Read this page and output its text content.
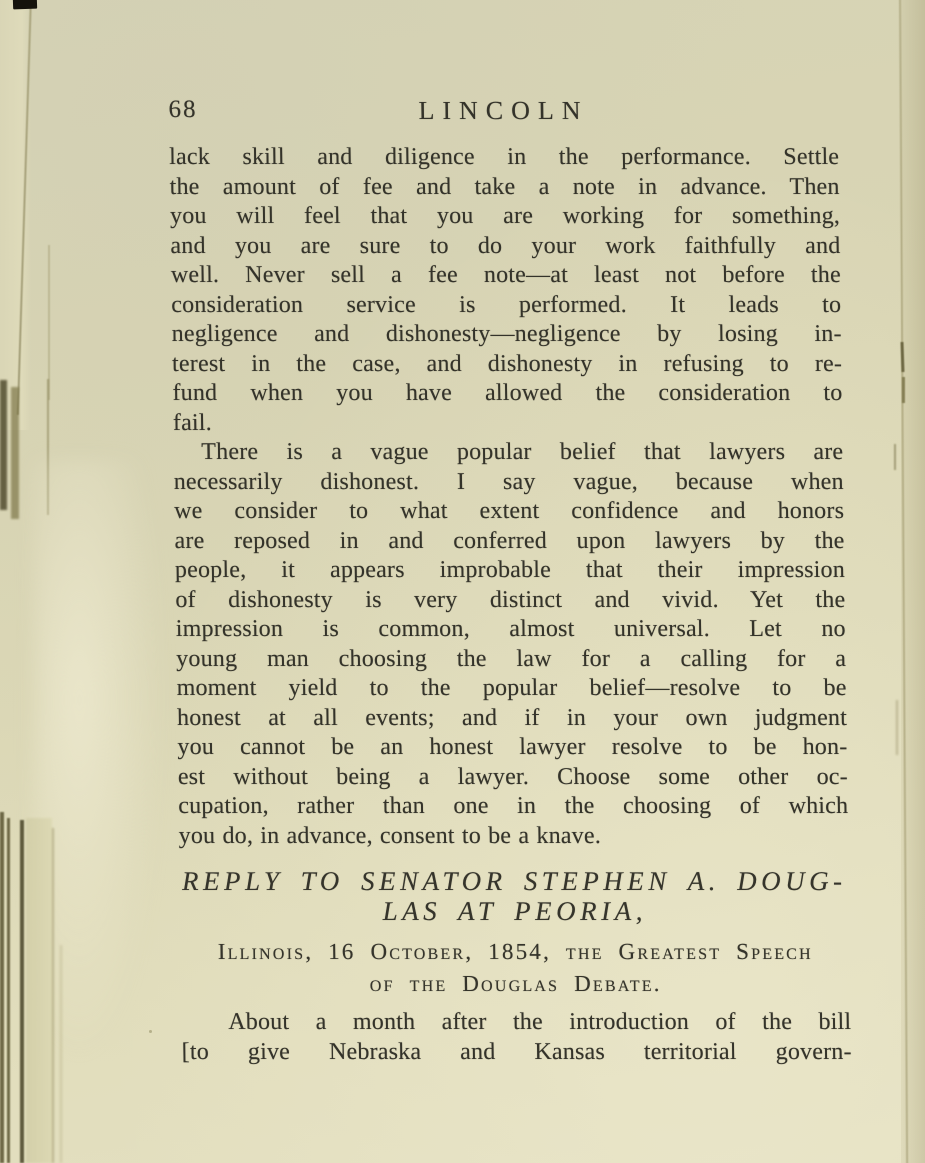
68	LINCOLN
lack skill and diligence in the performance. Settle
the amount of fee and take a note in advance. Then
you will feel that you are working for something,
and you are sure to do your work faithfully and
well. Never sell a fee note—at least not before the
consideration service is performed. It leads to
negligence and dishonesty—negligence by losing in-
terest in the case, and dishonesty in refusing to re-
fund when you have allowed the consideration to
fail.
There is a vague popular belief that lawyers are
necessarily dishonest. I say vague, because when
we consider to what extent confidence and honors
are reposed in and conferred upon lawyers by the
people, it appears improbable that their impression
of dishonesty is very distinct and vivid. Yet the
impression is common, almost universal. Let no
young man choosing the law for a calling for a
moment yield to the popular belief—resolve to be
honest at all events; and if in your own judgment
you cannot be an honest lawyer resolve to be hon-
est without being a lawyer. Choose some other oc-
cupation, rather than one in the choosing of which
you do, in advance, consent to be a knave.
REPLY TO SENATOR STEPHEN A. DOUG-
LAS AT PEORIA,
Illinois, 16 October, 1854, the Greatest Speech
of the Douglas Debate.
About a month after the introduction of the bill
[to give Nebraska and Kansas territorial govern-
